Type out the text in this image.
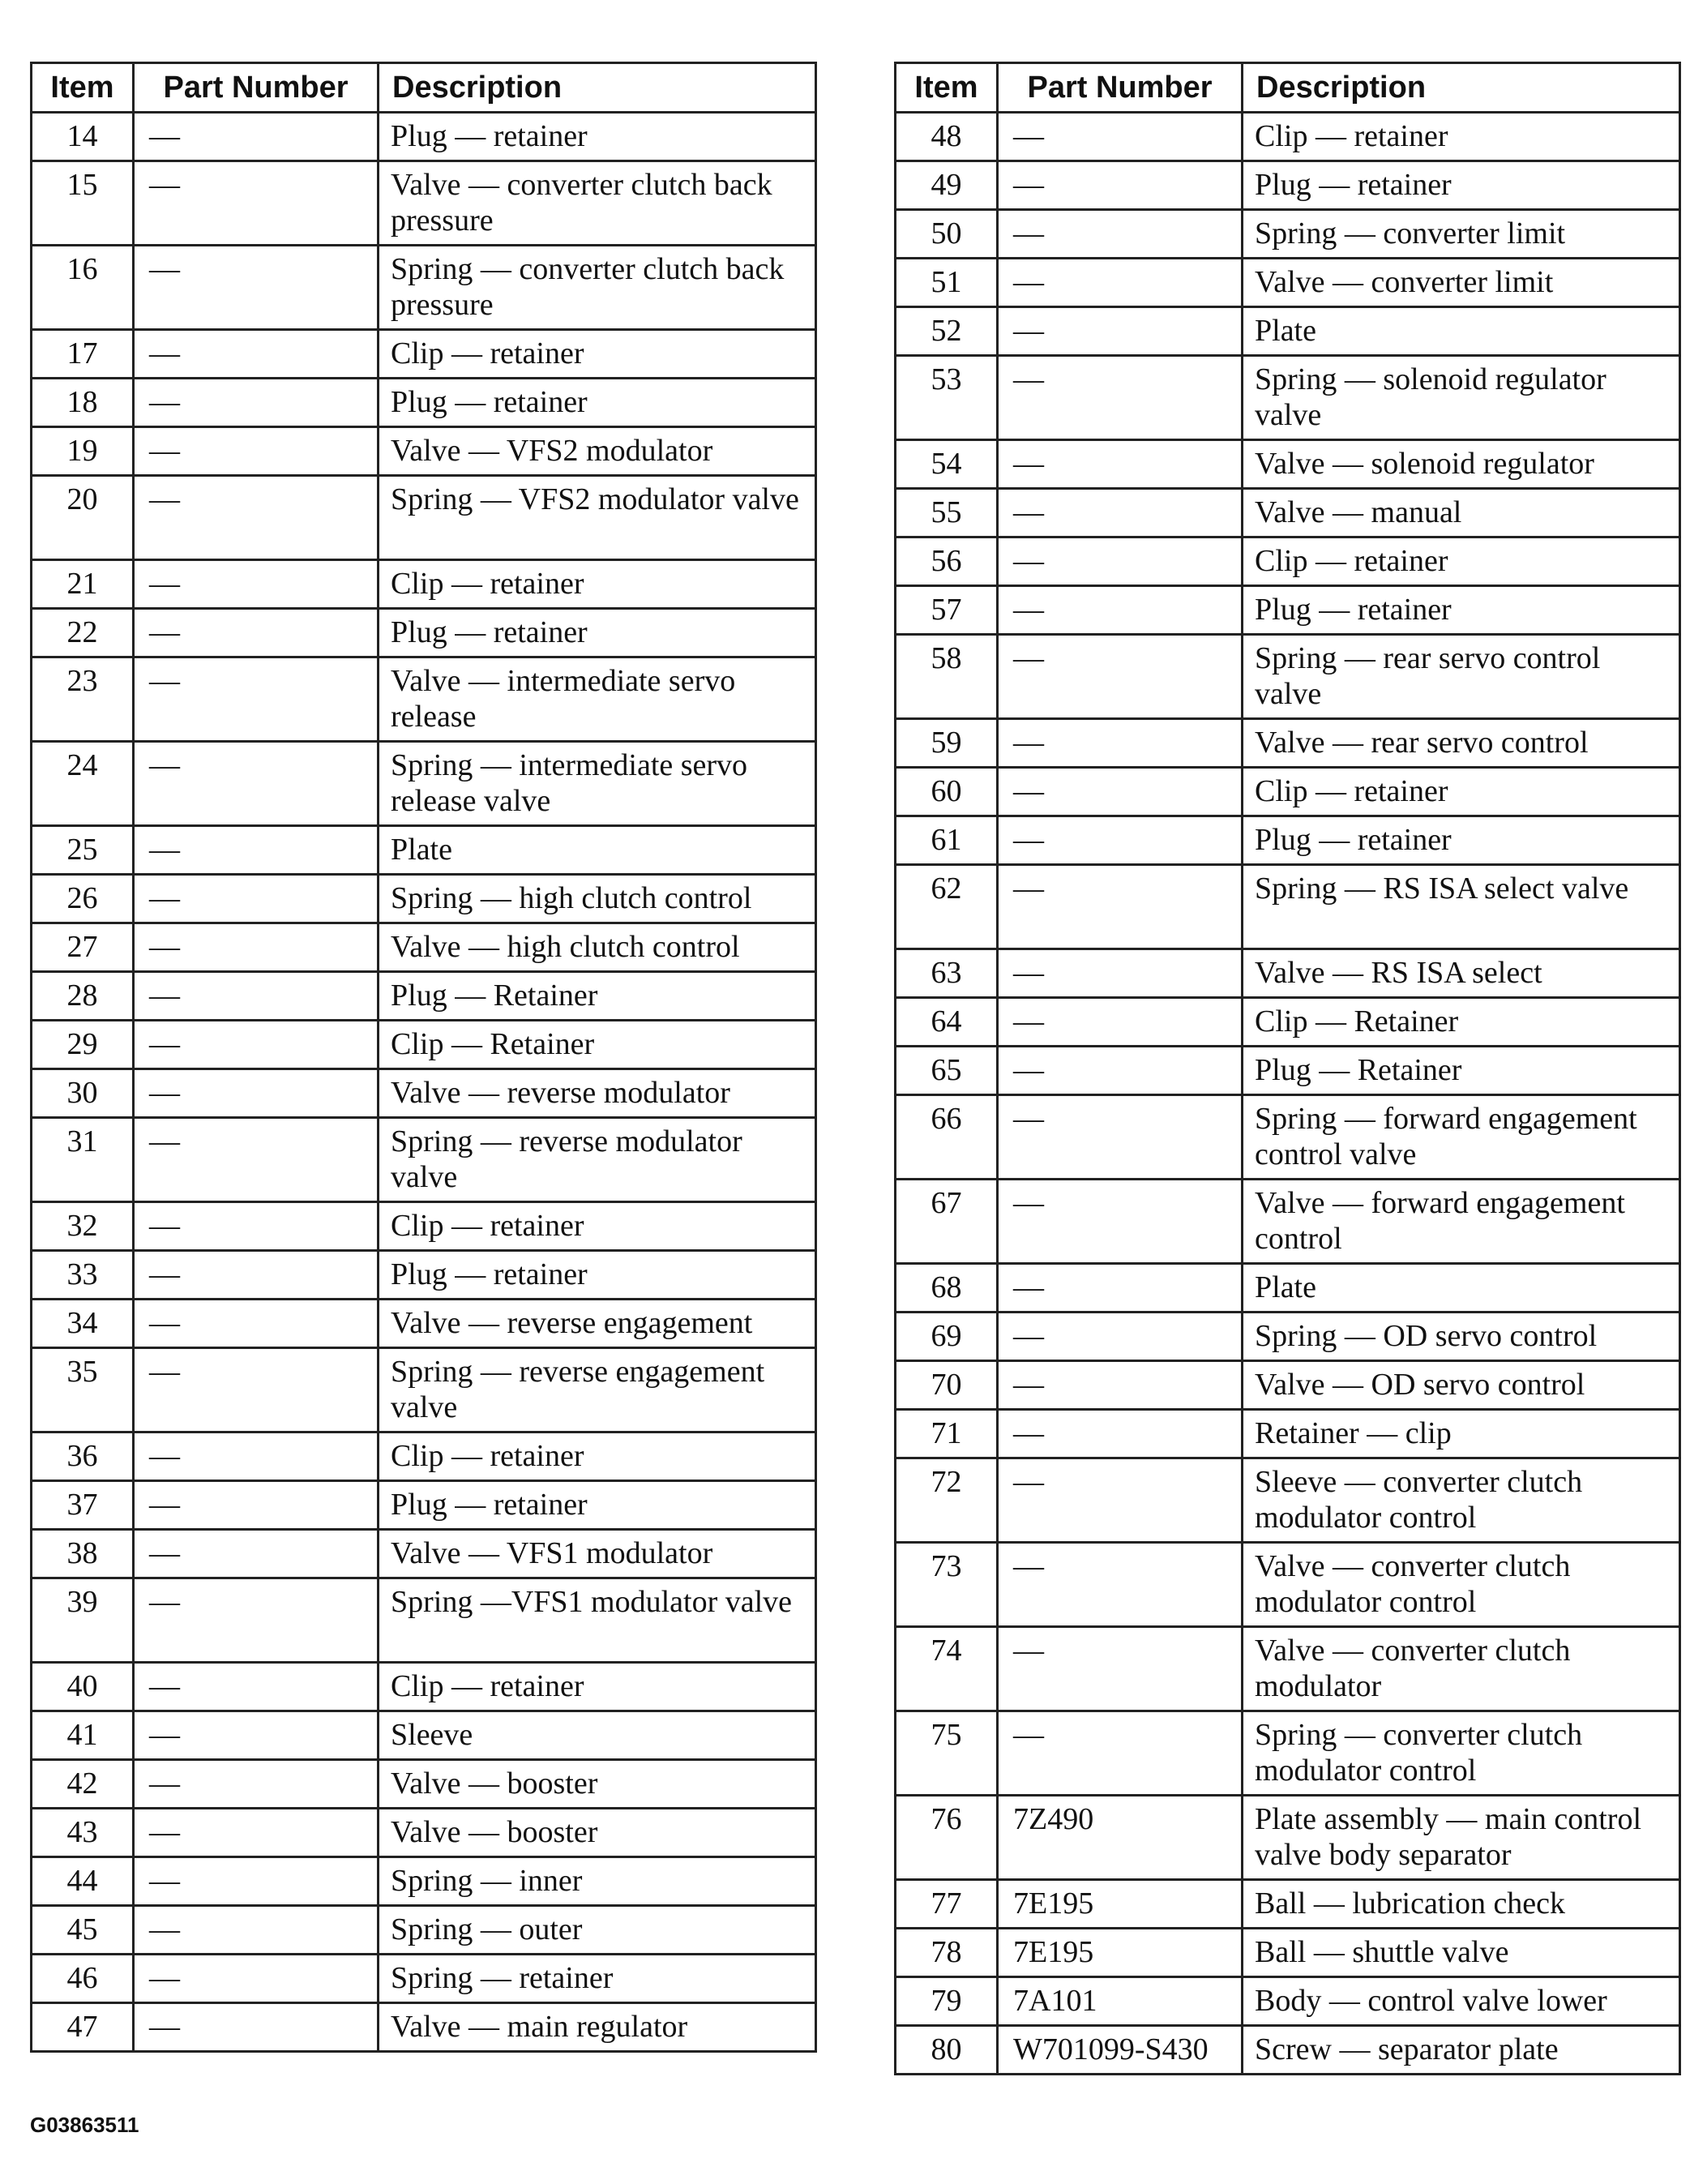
Item	Part Number	Description
14	—	Plug — retainer
15	—	Valve — converter clutch back pressure
16	—	Spring — converter clutch back pressure
17	—	Clip — retainer
18	—	Plug — retainer
19	—	Valve — VFS2 modulator
20	—	Spring — VFS2 modulator valve
21	—	Clip — retainer
22	—	Plug — retainer
23	—	Valve — intermediate servo release
24	—	Spring — intermediate servo release valve
25	—	Plate
26	—	Spring — high clutch control
27	—	Valve — high clutch control
28	—	Plug — Retainer
29	—	Clip — Retainer
30	—	Valve — reverse modulator
31	—	Spring — reverse modulator valve
32	—	Clip — retainer
33	—	Plug — retainer
34	—	Valve — reverse engagement
35	—	Spring — reverse engagement valve
36	—	Clip — retainer
37	—	Plug — retainer
38	—	Valve — VFS1 modulator
39	—	Spring —VFS1 modulator valve
40	—	Clip — retainer
41	—	Sleeve
42	—	Valve — booster
43	—	Valve — booster
44	—	Spring — inner
45	—	Spring — outer
46	—	Spring — retainer
47	—	Valve — main regulator
Item	Part Number	Description
48	—	Clip — retainer
49	—	Plug — retainer
50	—	Spring — converter limit
51	—	Valve — converter limit
52	—	Plate
53	—	Spring — solenoid regulator valve
54	—	Valve — solenoid regulator
55	—	Valve — manual
56	—	Clip — retainer
57	—	Plug — retainer
58	—	Spring — rear servo control valve
59	—	Valve — rear servo control
60	—	Clip — retainer
61	—	Plug — retainer
62	—	Spring — RS ISA select valve
63	—	Valve — RS ISA select
64	—	Clip — Retainer
65	—	Plug — Retainer
66	—	Spring — forward engagement control valve
67	—	Valve — forward engagement control
68	—	Plate
69	—	Spring — OD servo control
70	—	Valve — OD servo control
71	—	Retainer — clip
72	—	Sleeve — converter clutch modulator control
73	—	Valve — converter clutch modulator control
74	—	Valve — converter clutch modulator
75	—	Spring — converter clutch modulator control
76	7Z490	Plate assembly — main control valve body separator
77	7E195	Ball — lubrication check
78	7E195	Ball — shuttle valve
79	7A101	Body — control valve lower
80	W701099-S430	Screw — separator plate
G03863511
